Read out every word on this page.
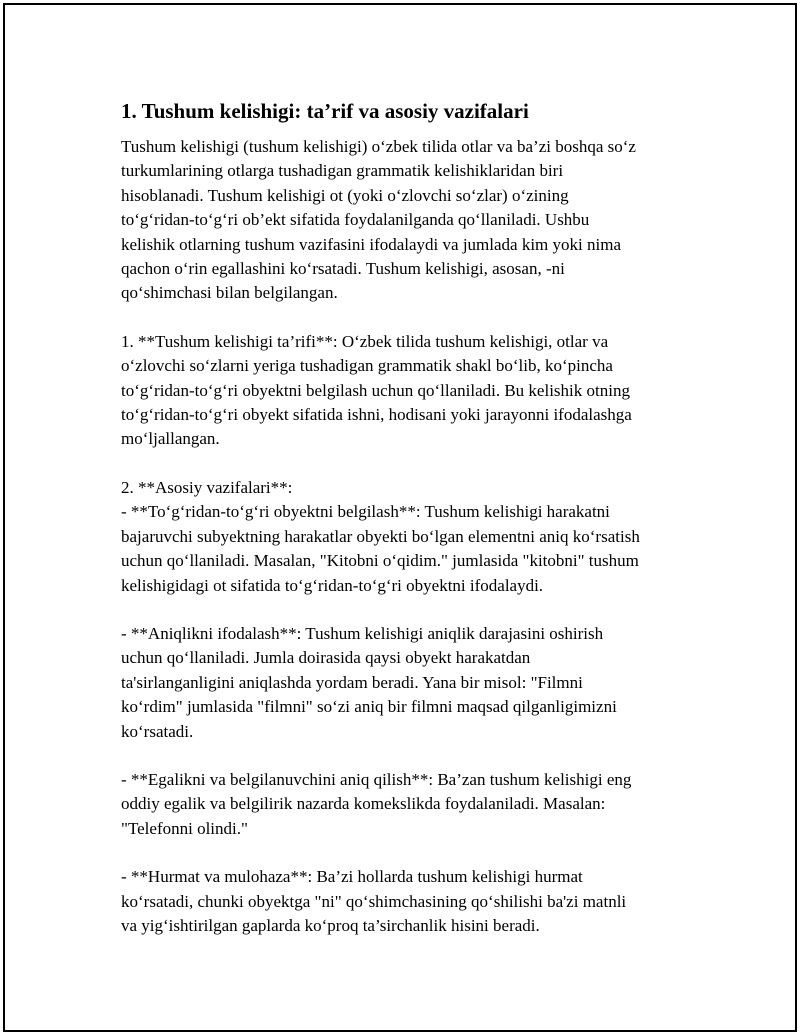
1. Tushum kelishigi: ta’rif va asosiy vazifalari

Tushum kelishigi (tushum kelishigi) o‘zbek tilida otlar va ba’zi boshqa so‘z
turkumlarining otlarga tushadigan grammatik kelishiklaridan biri
hisoblanadi. Tushum kelishigi ot (yoki o‘zlovchi so‘zlar) o‘zining
to‘g‘ridan-to‘g‘ri ob’ekt sifatida foydalanilganda qo‘llaniladi. Ushbu
kelishik otlarning tushum vazifasini ifodalaydi va jumlada kim yoki nima
qachon o‘rin egallashini ko‘rsatadi. Tushum kelishigi, asosan, -ni
qo‘shimchasi bilan belgilangan.

1. **Tushum kelishigi ta’rifi**: O‘zbek tilida tushum kelishigi, otlar va
o‘zlovchi so‘zlarni yeriga tushadigan grammatik shakl bo‘lib, ko‘pincha
to‘g‘ridan-to‘g‘ri obyektni belgilash uchun qo‘llaniladi. Bu kelishik otning
to‘g‘ridan-to‘g‘ri obyekt sifatida ishni, hodisani yoki jarayonni ifodalashga
mo‘ljallangan.

2. **Asosiy vazifalari**:
- **To‘g‘ridan-to‘g‘ri obyektni belgilash**: Tushum kelishigi harakatni
bajaruvchi subyektning harakatlar obyekti bo‘lgan elementni aniq ko‘rsatish
uchun qo‘llaniladi. Masalan, "Kitobni o‘qidim." jumlasida "kitobni" tushum
kelishigidagi ot sifatida to‘g‘ridan-to‘g‘ri obyektni ifodalaydi.

- **Aniqlikni ifodalash**: Tushum kelishigi aniqlik darajasini oshirish
uchun qo‘llaniladi. Jumla doirasida qaysi obyekt harakatdan
ta'sirlanganligini aniqlashda yordam beradi. Yana bir misol: "Filmni
ko‘rdim" jumlasida "filmni" so‘zi aniq bir filmni maqsad qilganligimizni
ko‘rsatadi.

- **Egalikni va belgilanuvchini aniq qilish**: Ba’zan tushum kelishigi eng
oddiy egalik va belgilirik nazarda komekslikda foydalaniladi. Masalan:
"Telefonni olindi."

- **Hurmat va mulohaza**: Ba’zi hollarda tushum kelishigi hurmat
ko‘rsatadi, chunki obyektga "ni" qo‘shimchasining qo‘shilishi ba'zi matnli
va yig‘ishtirilgan gaplarda ko‘proq ta’sirchanlik hisini beradi.
